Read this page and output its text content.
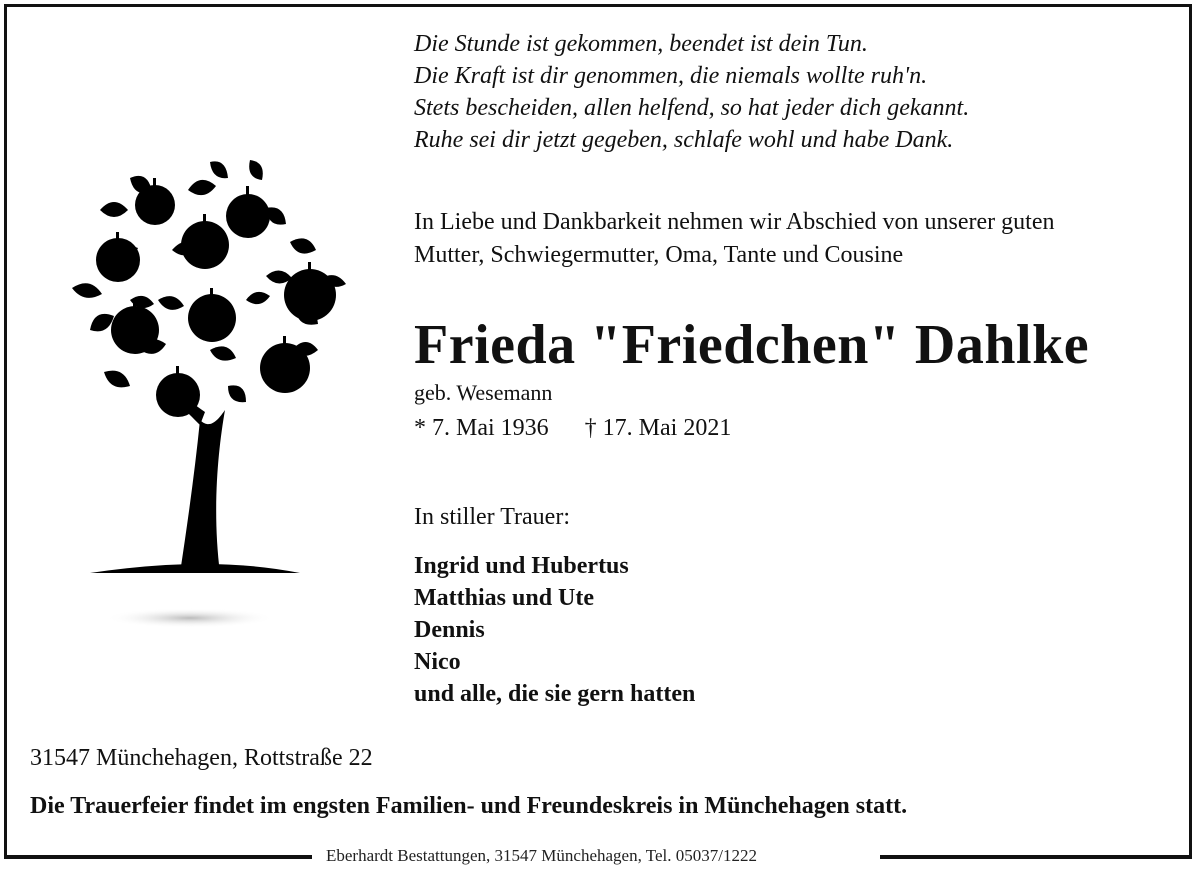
Die Stunde ist gekommen, beendet ist dein Tun.
Die Kraft ist dir genommen, die niemals wollte ruh'n.
Stets bescheiden, allen helfend, so hat jeder dich gekannt.
Ruhe sei dir jetzt gegeben, schlafe wohl und habe Dank.
In Liebe und Dankbarkeit nehmen wir Abschied von unserer guten
Mutter, Schwiegermutter, Oma, Tante und Cousine
Frieda "Friedchen" Dahlke
geb. Wesemann
* 7. Mai 1936 † 17. Mai 2021
In stiller Trauer:
Ingrid und Hubertus
Matthias und Ute
Dennis
Nico
und alle, die sie gern hatten
31547 Münchehagen, Rottstraße 22
Die Trauerfeier findet im engsten Familien- und Freundeskreis in Münchehagen statt.
Eberhardt Bestattungen, 31547 Münchehagen, Tel. 05037/1222
